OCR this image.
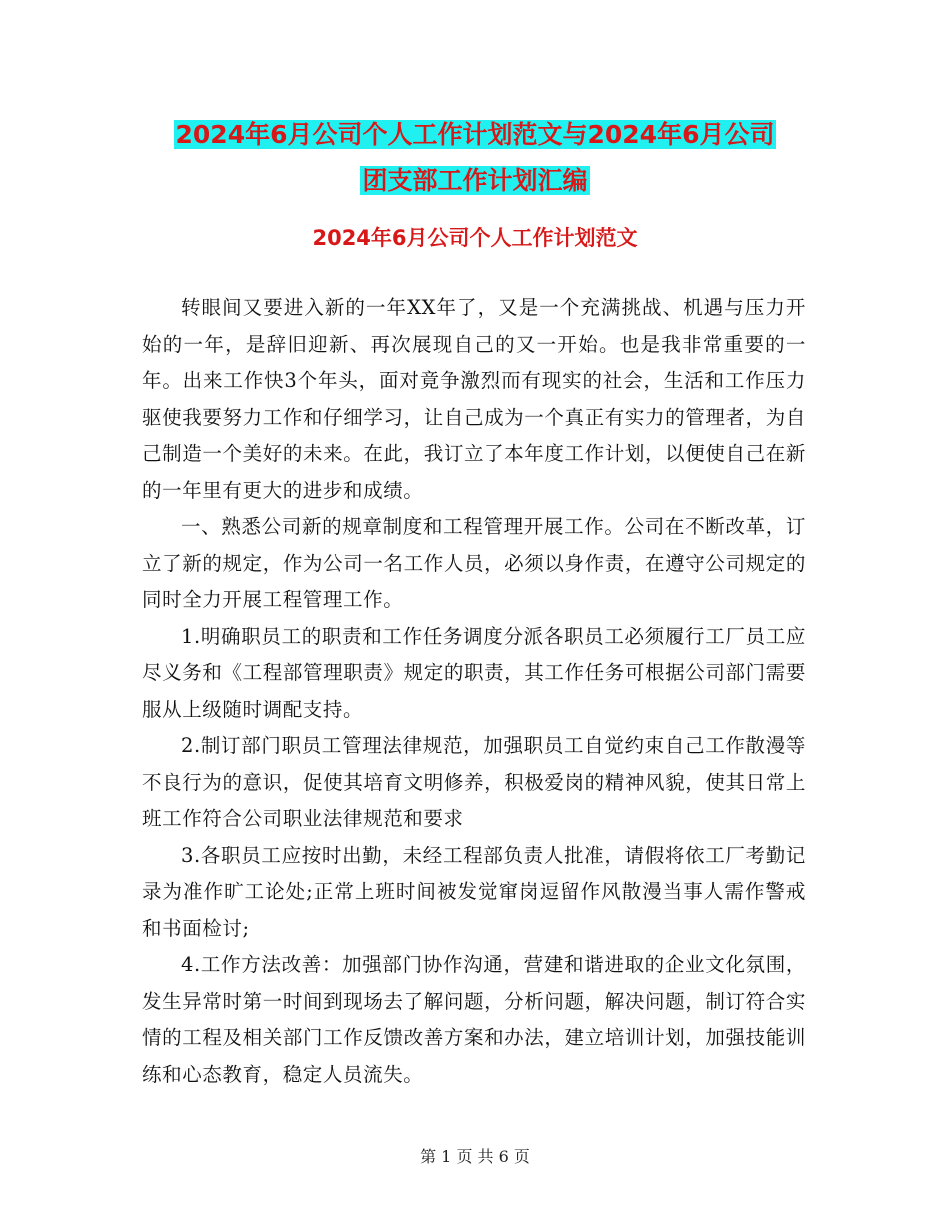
2024年6月公司个人工作计划范文与2024年6月公司
团支部工作计划汇编
2024年6月公司个人工作计划范文

转眼间又要进入新的一年XX年了，又是一个充满挑战、机遇与压力开始的一年，是辞旧迎新、再次展现自己的又一开始。也是我非常重要的一年。出来工作快3个年头，面对竟争激烈而有现实的社会，生活和工作压力驱使我要努力工作和仔细学习，让自己成为一个真正有实力的管理者，为自己制造一个美好的未来。在此，我订立了本年度工作计划，以便使自己在新的一年里有更大的进步和成绩。

一、熟悉公司新的规章制度和工程管理开展工作。公司在不断改革，订立了新的规定，作为公司一名工作人员，必须以身作责，在遵守公司规定的同时全力开展工程管理工作。

1.明确职员工的职责和工作任务调度分派各职员工必须履行工厂员工应尽义务和《工程部管理职责》规定的职责，其工作任务可根据公司部门需要服从上级随时调配支持。

2.制订部门职员工管理法律规范，加强职员工自觉约束自己工作散漫等不良行为的意识，促使其培育文明修养，积极爱岗的精神风貌，使其日常上班工作符合公司职业法律规范和要求

3.各职员工应按时出勤，未经工程部负责人批准，请假将依工厂考勤记录为准作旷工论处;正常上班时间被发觉窜岗逗留作风散漫当事人需作警戒和书面检讨;

4.工作方法改善：加强部门协作沟通，营建和谐进取的企业文化氛围，发生异常时第一时间到现场去了解问题，分析问题，解决问题，制订符合实情的工程及相关部门工作反馈改善方案和办法，建立培训计划，加强技能训练和心态教育，稳定人员流失。

第 1 页 共 6 页
